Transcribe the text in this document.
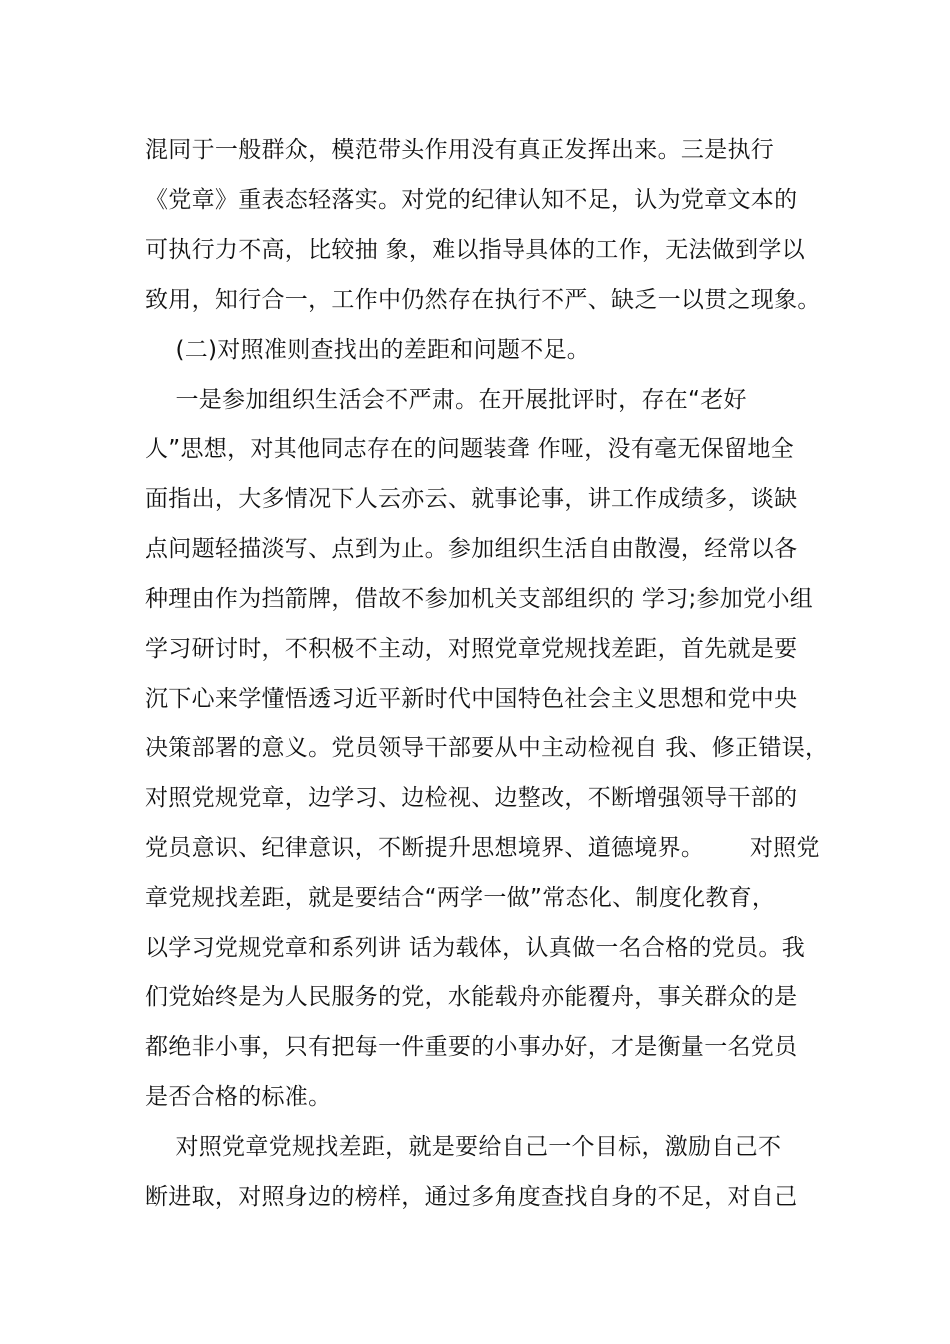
混同于一般群众，模范带头作用没有真正发挥出来。三是执行
《党章》重表态轻落实。对党的纪律认知不足，认为党章文本的
可执行力不高，比较抽 象，难以指导具体的工作，无法做到学以
致用，知行合一，工作中仍然存在执行不严、缺乏一以贯之现象。
(二)对照准则查找出的差距和问题不足。
一是参加组织生活会不严肃。在开展批评时，存在“老好
人”思想，对其他同志存在的问题装聋 作哑，没有毫无保留地全
面指出，大多情况下人云亦云、就事论事，讲工作成绩多，谈缺
点问题轻描淡写、点到为止。参加组织生活自由散漫，经常以各
种理由作为挡箭牌，借故不参加机关支部组织的 学习;参加党小组
学习研讨时，不积极不主动，对照党章党规找差距，首先就是要
沉下心来学懂悟透习近平新时代中国特色社会主义思想和党中央
决策部署的意义。党员领导干部要从中主动检视自 我、修正错误，
对照党规党章，边学习、边检视、边整改，不断增强领导干部的
党员意识、纪律意识，不断提升思想境界、道德境界。      对照党
章党规找差距，就是要结合“两学一做”常态化、制度化教育，
以学习党规党章和系列讲 话为载体，认真做一名合格的党员。我
们党始终是为人民服务的党，水能载舟亦能覆舟，事关群众的是
都绝非小事，只有把每一件重要的小事办好，才是衡量一名党员
是否合格的标准。
对照党章党规找差距，就是要给自己一个目标，激励自己不
断进取，对照身边的榜样，通过多角度查找自身的不足，对自己
